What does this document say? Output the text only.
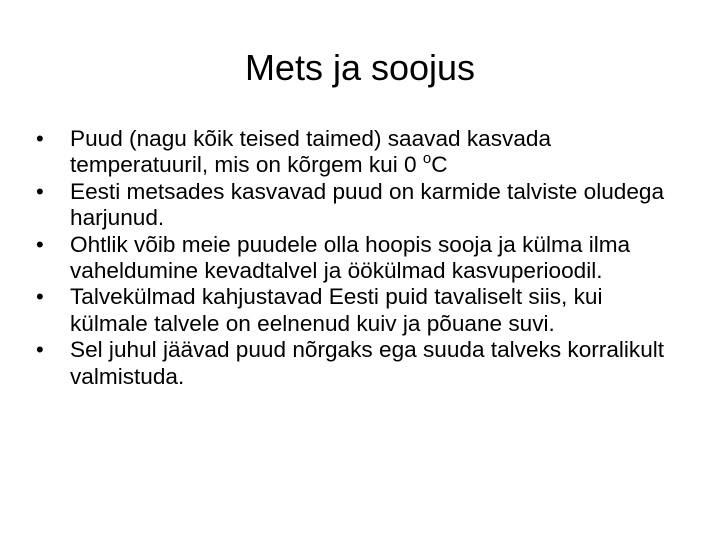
Mets ja soojus
• Puud (nagu kõik teised taimed) saavad kasvada temperatuuril, mis on kõrgem kui 0 $^o$C
• Eesti metsades kasvavad puud on karmide talviste oludega harjunud.
• Ohtlik võib meie puudele olla hoopis sooja ja külma ilma vaheldumine kevadtalvel ja öökülmad kasvuperioodil.
• Talvekülmad kahjustavad Eesti puid tavaliselt siis, kui külmale talvele on eelnenud kuiv ja põuane suvi.
• Sel juhul jäävad puud nõrgaks ega suuda talveks korralikult valmistuda.
